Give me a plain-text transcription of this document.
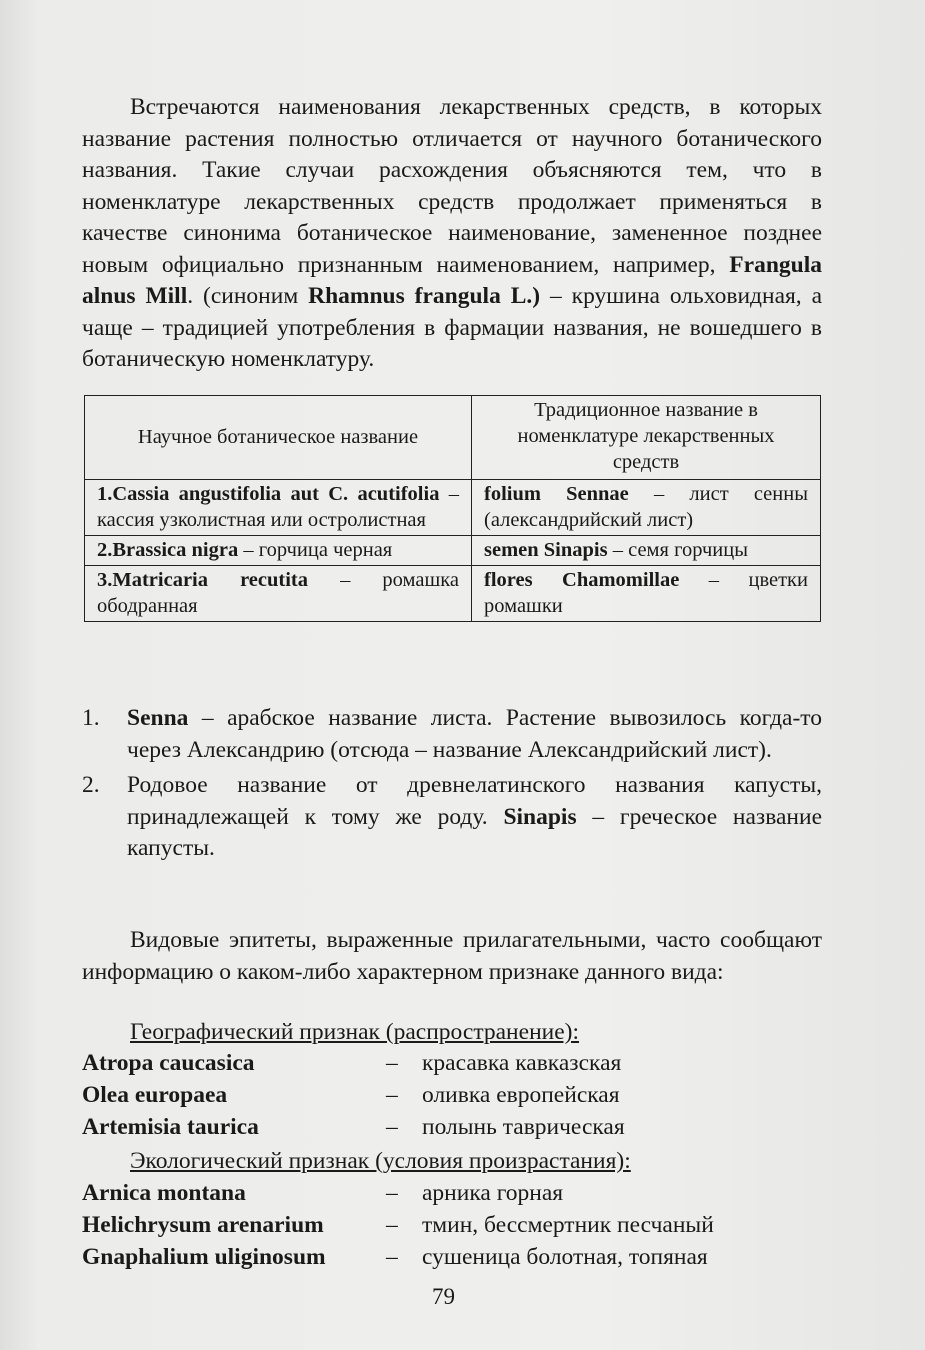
Встречаются наименования лекарственных средств, в которых название растения полностью отличается от научного ботанического названия. Такие случаи расхождения объясняются тем, что в номенклатуре лекарственных средств продолжает применяться в качестве синонима ботаническое наименование, замененное позднее новым официально признанным наименованием, например, Frangula alnus Mill. (синоним Rhamnus frangula L.) – крушина ольховидная, а чаще – традицией употребления в фармации названия, не вошедшего в ботаническую номенклатуру.

Научное ботаническое название	Традиционное название в номенклатуре лекарственных средств
1.Cassia angustifolia aut C. acutifolia – кассия узколистная или остролистная	folium Sennae – лист сенны (александрийский лист)
2.Brassica nigra – горчица черная	semen Sinapis – семя горчицы
3.Matricaria recutita – ромашка ободранная	flores Chamomillae – цветки ромашки
1.	Senna – арабское название листа. Растение вывозилось когда-то через Александрию (отсюда – название Александрийский лист).
2.	Родовое название от древнелатинского названия капусты, принадлежащей к тому же роду. Sinapis – греческое название капусты.

Видовые эпитеты, выраженные прилагательными, часто сообщают информацию о каком-либо характерном признаке данного вида:

Географический признак (распространение):
Atropa caucasica	– красавка кавказская
Olea europaea	– оливка европейская
Artemisia taurica	– полынь таврическая
Экологический признак (условия произрастания):
Arnica montana	– арника горная
Helichrysum arenarium	– тмин, бессмертник песчаный
Gnaphalium uliginosum	– сушеница болотная, топяная
79
